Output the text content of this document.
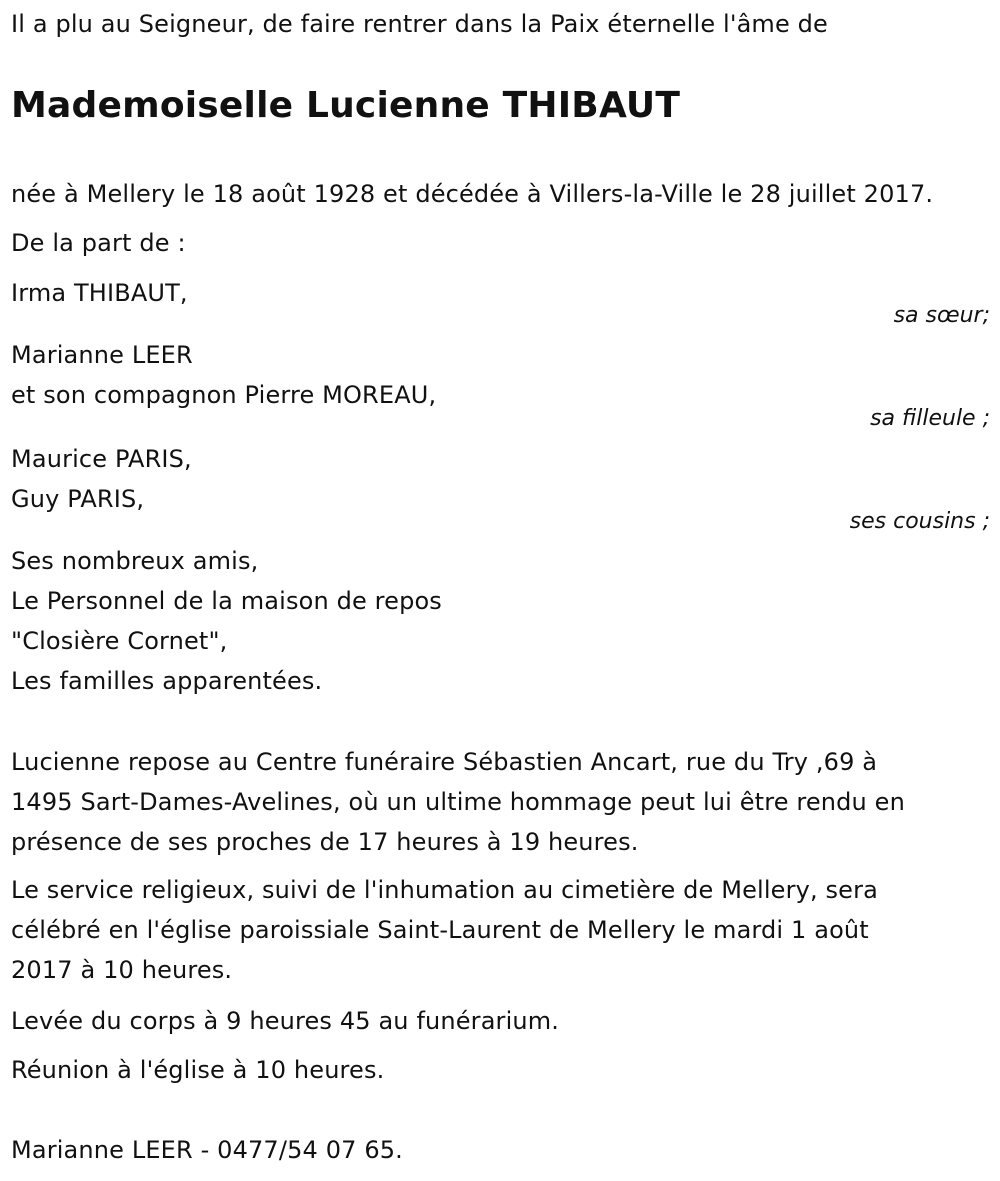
Il a plu au Seigneur, de faire rentrer dans la Paix éternelle l'âme de
Mademoiselle Lucienne THIBAUT
née à Mellery le 18 août 1928 et décédée à Villers-la-Ville le 28 juillet 2017.
De la part de :
Irma THIBAUT,
sa sœur;
Marianne LEER
et son compagnon Pierre MOREAU,
sa filleule ;
Maurice PARIS,
Guy PARIS,
ses cousins ;
Ses nombreux amis,
Le Personnel de la maison de repos
"Closière Cornet",
Les familles apparentées.
Lucienne repose au Centre funéraire Sébastien Ancart, rue du Try ,69 à
1495 Sart-Dames-Avelines, où un ultime hommage peut lui être rendu en
présence de ses proches de 17 heures à 19 heures.
Le service religieux, suivi de l'inhumation au cimetière de Mellery, sera
célébré en l'église paroissiale Saint-Laurent de Mellery le mardi 1 août
2017 à 10 heures.
Levée du corps à 9 heures 45 au funérarium.
Réunion à l'église à 10 heures.
Marianne LEER - 0477/54 07 65.
